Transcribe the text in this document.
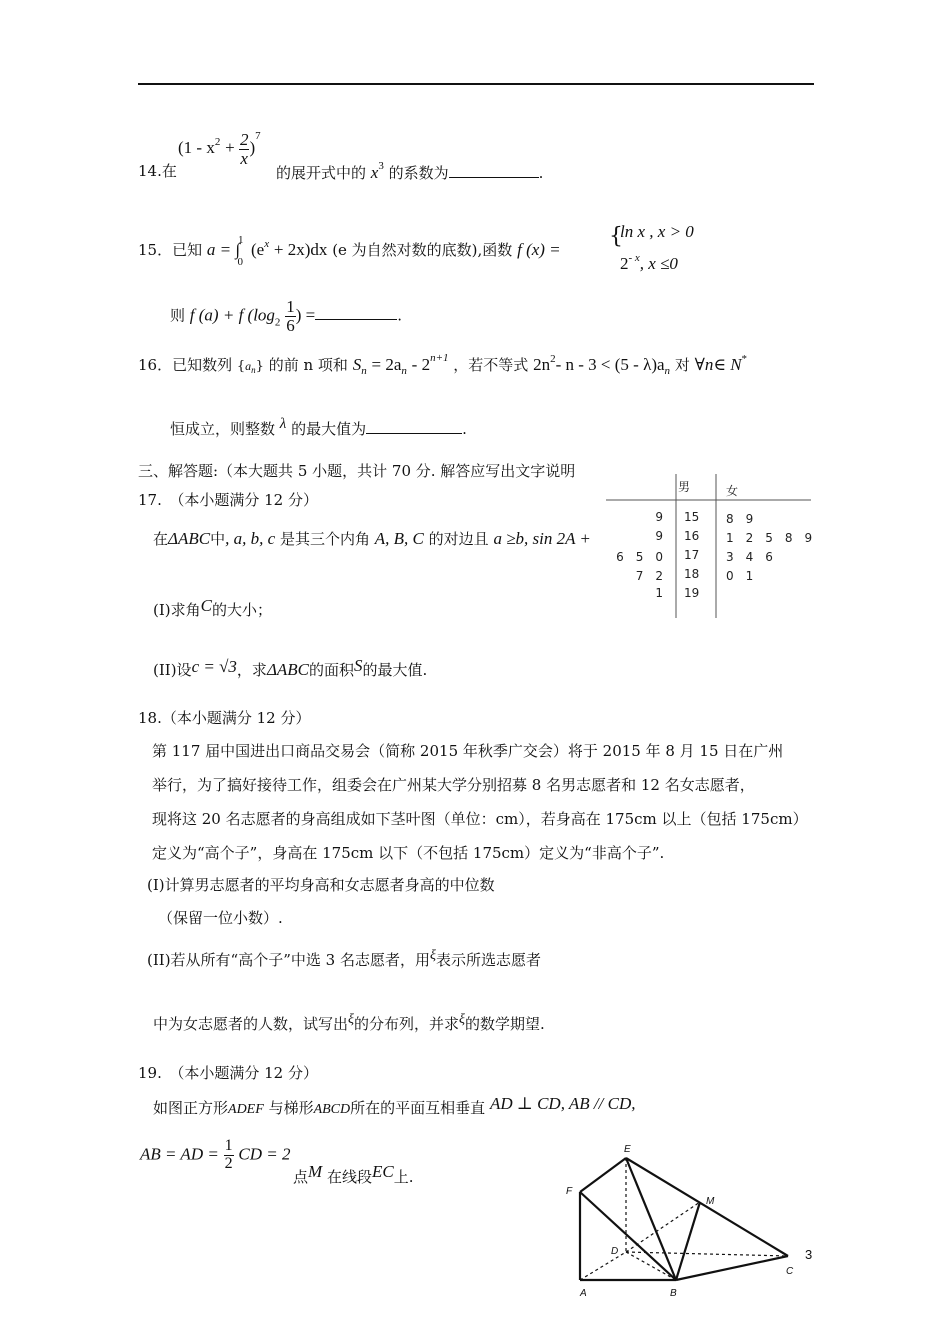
$(1 - x^2 + \frac{2}{x} )^7$
14.在	的展开式中的 $x^3$ 的系数为	.
15．已知 $a = \int^1_0(e^x + 2x)dx$ (e 为自然对数的底数),函数 f (x) =
{
ln x , x > 0
$2^{- x}$, x ≤0
则 f (a) + f ($\log_2 \frac{1}{6}$ ) =	.
16．已知数列 $\{a_n\}$ 的前 n 项和 $S_n = 2a_n - 2^{n+1}$ ，若不等式 $2n^2-$ $n - 3 < (5 - \lambda)a_n$ 对 ∀n∈ N*
恒成立，则整数 λ 的最大值为	.
三、解答题:（本大题共 5 小题，共计 70 分. 解答应写出文字说明
17.　（本小题满分 12 分）
在ΔABC中, a, b, c 是其三个内角 A, B, C 的对边且 a ≥b, sin 2A +
(I)求角C的大小；
(II)设c = √3，求ΔABC的面积S的最大值.
男	女
9 15 8　9
9 16 1　2　5　8　9
6　5　0 17 3　4　6
7　2 18 0　1
1 19
18.（本小题满分 12 分）
第 117 届中国进出口商品交易会（简称 2015 年秋季广交会）将于 2015 年 8 月 15 日在广州
举行，为了搞好接待工作，组委会在广州某大学分别招募 8 名男志愿者和 12 名女志愿者，
现将这 20 名志愿者的身高组成如下茎叶图（单位：cm），若身高在 175cm 以上（包括 175cm）
定义为“高个子”，身高在 175cm 以下（不包括 175cm）定义为“非高个子”.
(I)计算男志愿者的平均身高和女志愿者身高的中位数
（保留一位小数）.
(II)若从所有“高个子”中选 3 名志愿者，用ξ表示所选志愿者
中为女志愿者的人数，试写出ξ的分布列，并求ξ的数学期望.
19.　（本小题满分 12 分）
如图正方形ADEF 与梯形ABCD所在的平面互相垂直 AD ⊥ CD, AB // CD,
AB = AD = $\frac{1}{2}$ CD = 2
点M 在线段EC上.
E
F
M
D
A	B
C
3
